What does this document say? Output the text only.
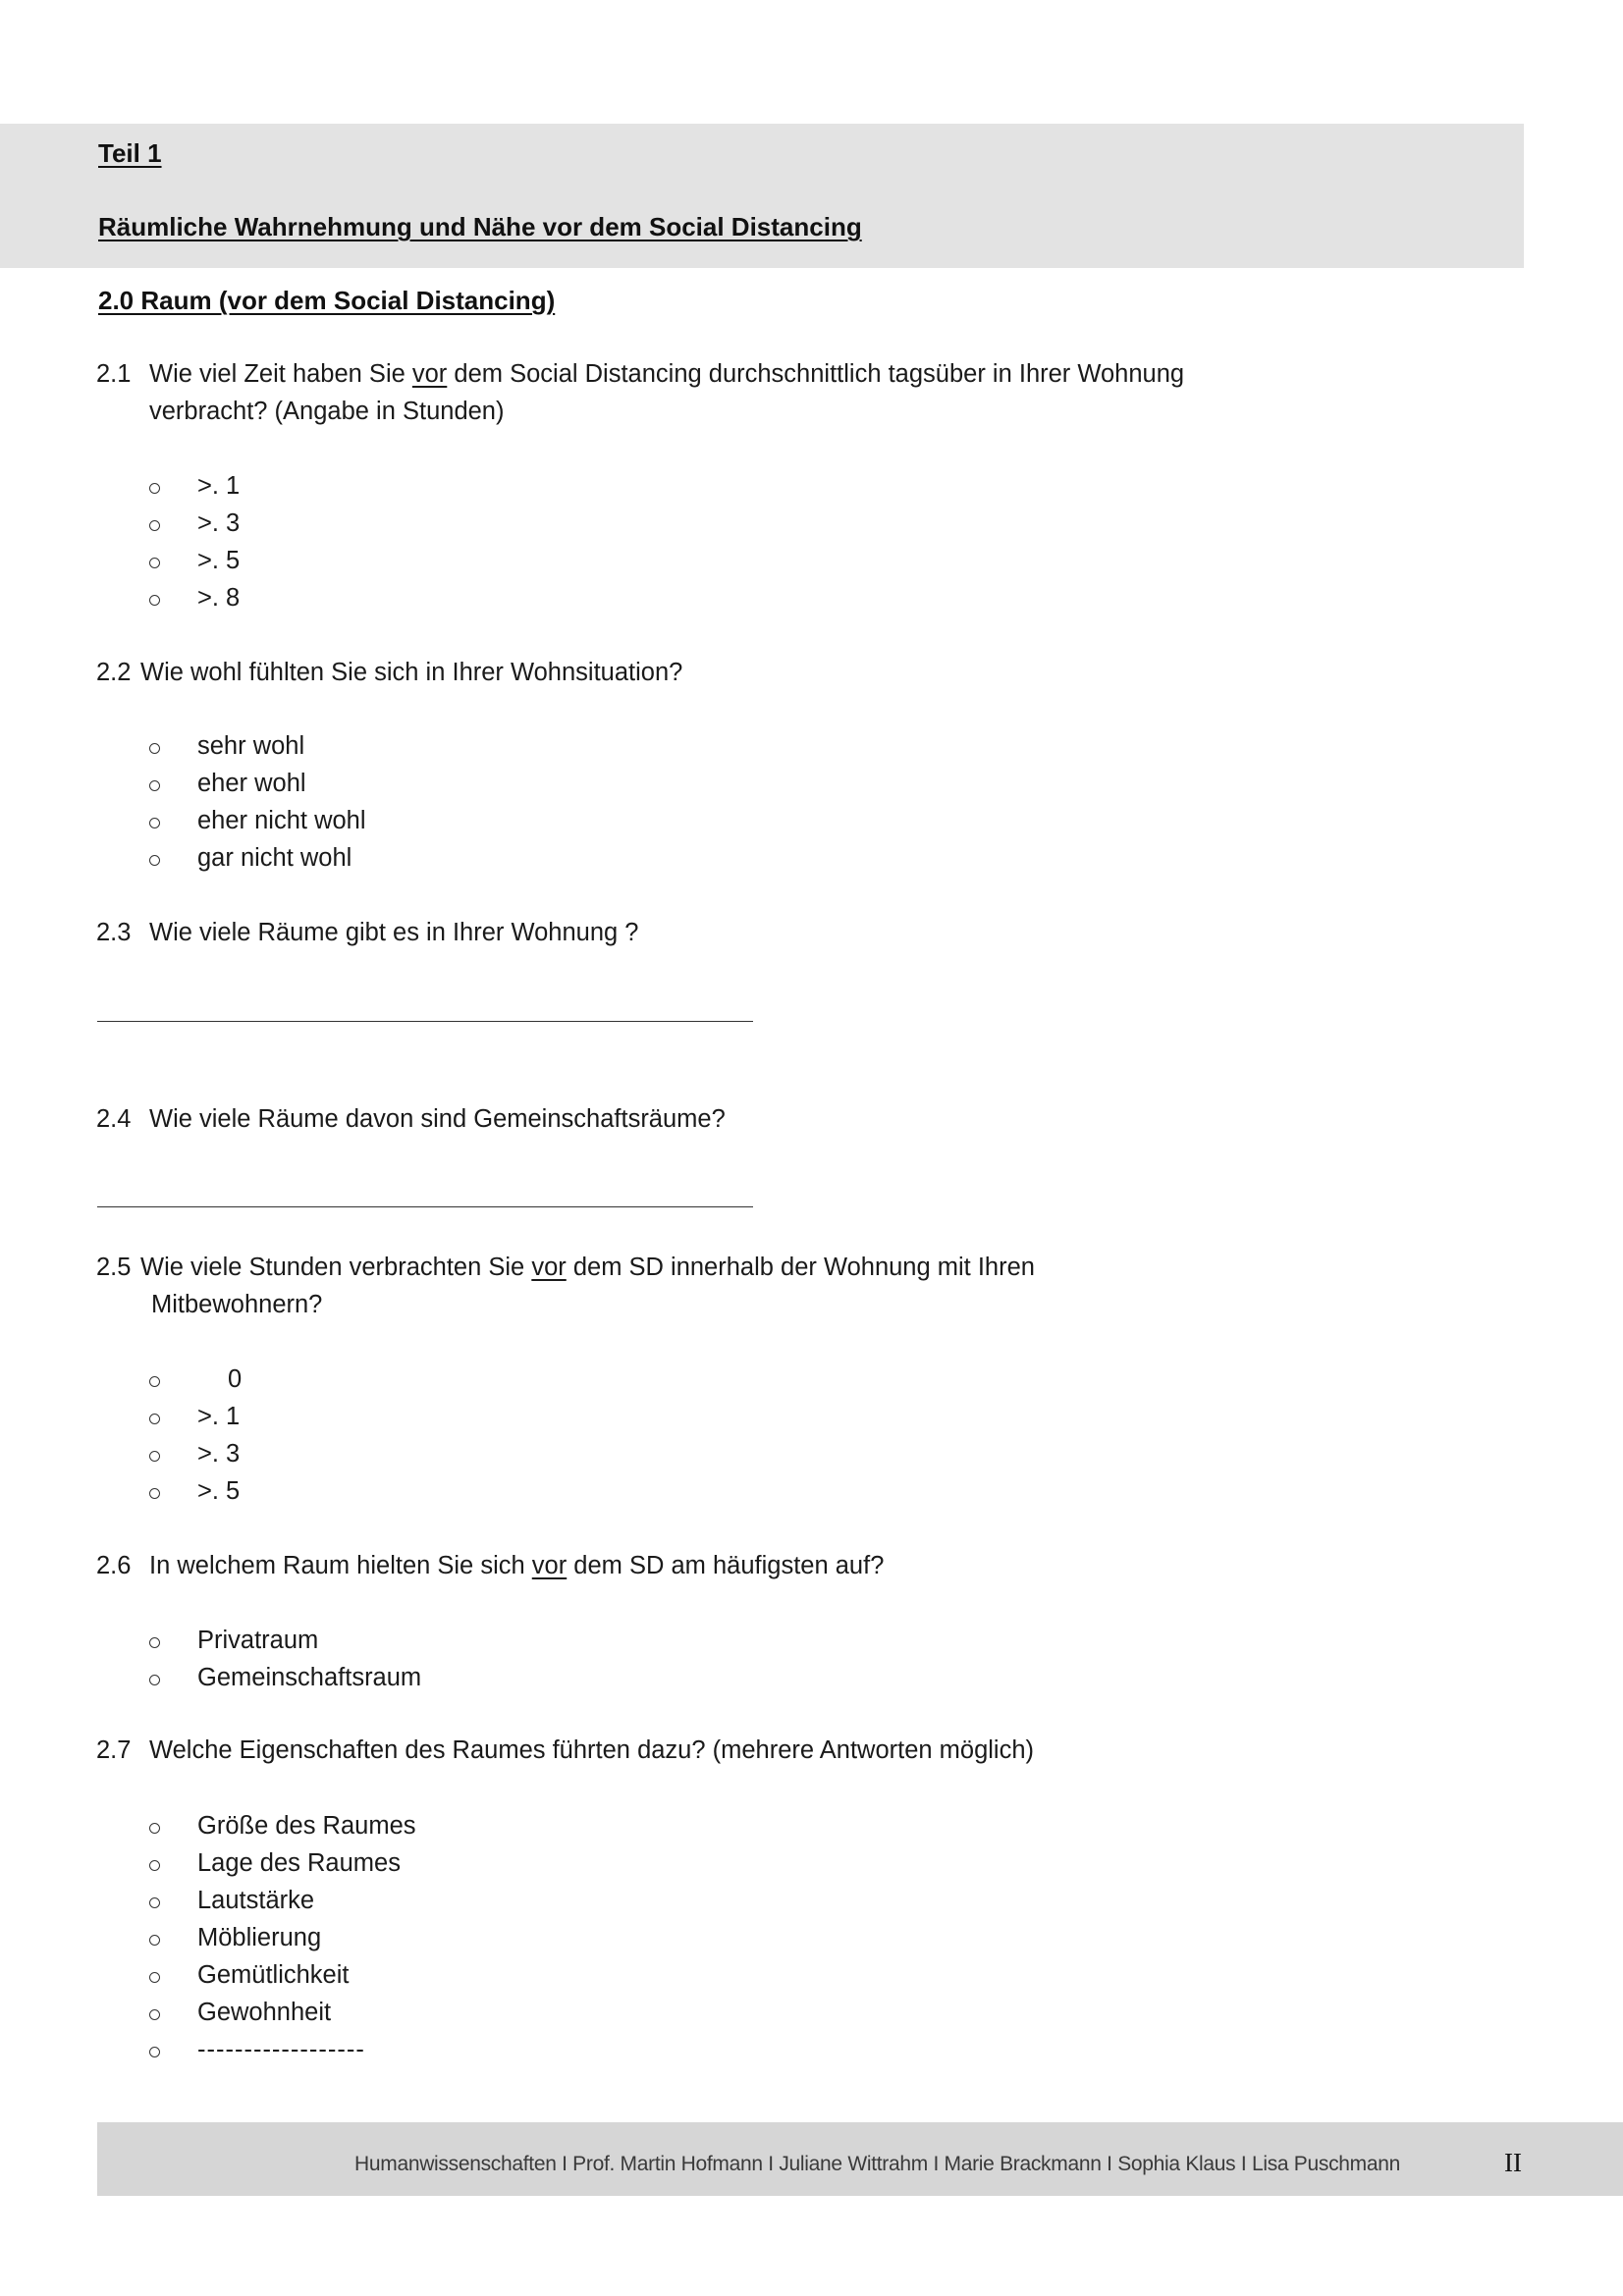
Teil 1
Räumliche Wahrnehmung und Nähe vor dem Social Distancing
2.0 Raum (vor dem Social Distancing)
2.1 Wie viel Zeit haben Sie vor dem Social Distancing durchschnittlich tagsüber in Ihrer Wohnung
verbracht? (Angabe in Stunden)
>. 1
>. 3
>. 5
>. 8
2.2 Wie wohl fühlten Sie sich in Ihrer Wohnsituation?
sehr wohl
eher wohl
eher nicht wohl
gar nicht wohl
2.3 Wie viele Räume gibt es in Ihrer Wohnung ?
2.4 Wie viele Räume davon sind Gemeinschaftsräume?
2.5 Wie viele Stunden verbrachten Sie vor dem SD innerhalb der Wohnung mit Ihren
Mitbewohnern?
0
>. 1
>. 3
>. 5
2.6 In welchem Raum hielten Sie sich vor dem SD am häufigsten auf?
Privatraum
Gemeinschaftsraum
2.7 Welche Eigenschaften des Raumes führten dazu? (mehrere Antworten möglich)
Größe des Raumes
Lage des Raumes
Lautstärke
Möblierung
Gemütlichkeit
Gewohnheit
------------------
Humanwissenschaften I Prof. Martin Hofmann I Juliane Wittrahm I Marie Brackmann I Sophia Klaus I Lisa Puschmann	II
